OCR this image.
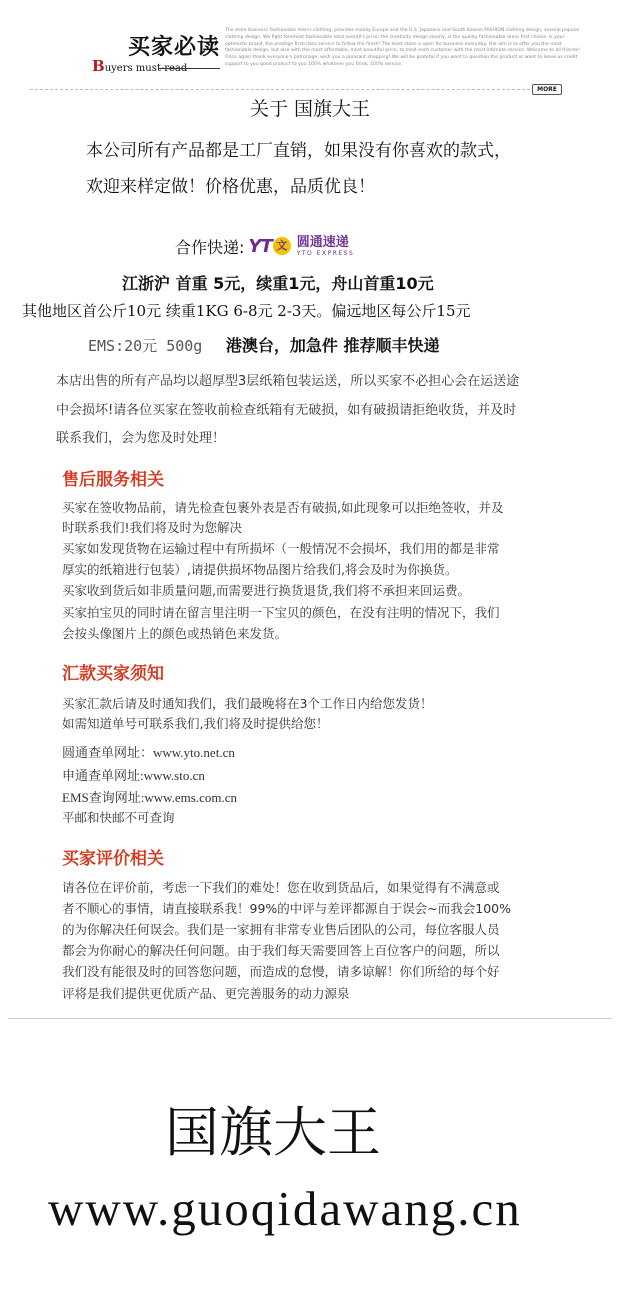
买家必读
Buyers must-read
The store business fashionable men's clothing, provides mainly Europe and the U.S. Japanese and South Korean FASHION clothing design, several popular clothing design. We fight foremost fashionable total overall's price, the creativity design clearly, is the quality fashionable dress first choice. Is your optimistic brand, the prestige first-class service to follow the finish! The least store is open for business everyday, the aim is to offer you the most fashionable design, but also with the most affordable, most beautiful price, to treat each customer with the most intimate service. Welcome to all friends! Once again thank everyone's patronage, wish you a pleasant shopping! We will be grateful if you want to question the product or want to leave us credit support to you good product to you 100% whatever you think, 100% service.
MORE
关于 国旗大王
本公司所有产品都是工厂直销，如果没有你喜欢的款式，
欢迎来样定做！价格优惠，品质优良！
合作快递: YT 文 圆通速递
YTO EXPRESS
江浙沪 首重 5元，续重1元，舟山首重10元
其他地区首公斤10元 续重1KG 6-8元 2-3天。偏远地区每公斤15元
EMS:20元 500g 港澳台，加急件 推荐顺丰快递
本店出售的所有产品均以超厚型3层纸箱包装运送，所以买家不必担心会在运送途
中会损坏!请各位买家在签收前检查纸箱有无破损，如有破损请拒绝收货，并及时
联系我们，会为您及时处理！
售后服务相关
买家在签收物品前，请先检查包裹外表是否有破损,如此现象可以拒绝签收，并及
时联系我们!我们将及时为您解决
买家如发现货物在运输过程中有所损坏（一般情况不会损坏，我们用的都是非常
厚实的纸箱进行包装）,请提供损坏物品图片给我们,将会及时为你换货。
买家收到货后如非质量问题,而需要进行换货退货,我们将不承担来回运费。
买家拍宝贝的同时请在留言里注明一下宝贝的颜色，在没有注明的情况下，我们
会按头像图片上的颜色或热销色来发货。
汇款买家须知
买家汇款后请及时通知我们，我们最晚将在3个工作日内给您发货！
如需知道单号可联系我们,我们将及时提供给您！
圆通查单网址：www.yto.net.cn
申通查单网址:www.sto.cn
EMS查询网址:www.ems.com.cn
平邮和快邮不可查询
买家评价相关
请各位在评价前，考虑一下我们的难处！您在收到货品后，如果觉得有不满意或
者不顺心的事情，请直接联系我！99%的中评与差评都源自于误会~而我会100%
的为你解决任何误会。我们是一家拥有非常专业售后团队的公司，每位客服人员
都会为你耐心的解决任何问题。由于我们每天需要回答上百位客户的问题，所以
我们没有能很及时的回答您问题，而造成的怠慢，请多谅解！你们所给的每个好
评将是我们提供更优质产品、更完善服务的动力源泉
国旗大王
www.guoqidawang.cn
